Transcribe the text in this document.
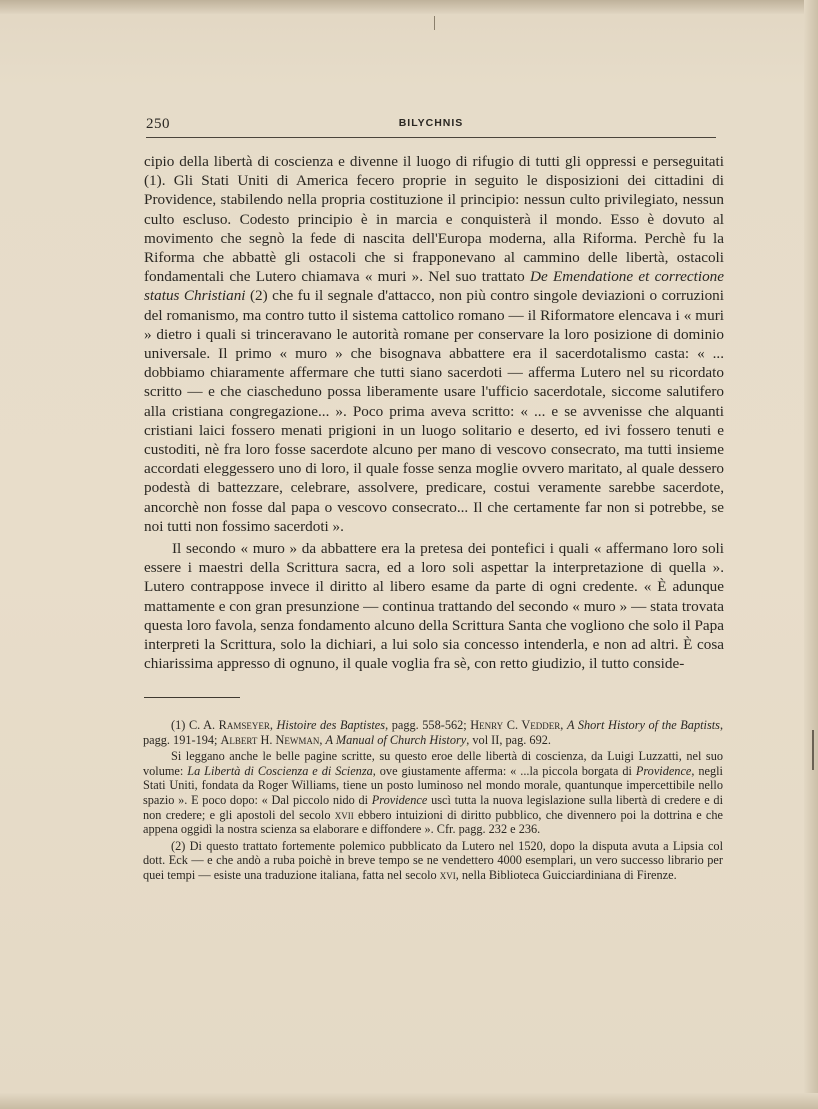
250	BILYCHNIS

cipio della libertà di coscienza e divenne il luogo di rifugio di tutti gli oppressi e perseguitati (1). Gli Stati Uniti di America fecero proprie in seguito le disposizioni dei cittadini di Providence, stabilendo nella propria costituzione il principio: nessun culto privilegiato, nessun culto escluso. Codesto principio è in marcia e conquisterà il mondo. Esso è dovuto al movimento che segnò la fede di nascita dell'Europa moderna, alla Riforma. Perchè fu la Riforma che abbattè gli ostacoli che si frapponevano al cammino delle libertà, ostacoli fondamentali che Lutero chiamava « muri ». Nel suo trattato De Emendatione et correctione status Christiani (2) che fu il segnale d'attacco, non più contro singole deviazioni o corruzioni del romanismo, ma contro tutto il sistema cattolico romano — il Riformatore elencava i « muri » dietro i quali si trinceravano le autorità romane per conservare la loro posizione di dominio universale. Il primo « muro » che bisognava abbattere era il sacerdotalismo casta: « ... dobbiamo chiaramente affermare che tutti siano sacerdoti — afferma Lutero nel su ricordato scritto — e che ciascheduno possa liberamente usare l'ufficio sacerdotale, siccome salutifero alla cristiana congregazione... ». Poco prima aveva scritto: « ... e se avvenisse che alquanti cristiani laici fossero menati prigioni in un luogo solitario e deserto, ed ivi fossero tenuti e custoditi, nè fra loro fosse sacerdote alcuno per mano di vescovo consecrato, ma tutti insieme accordati eleggessero uno di loro, il quale fosse senza moglie ovvero maritato, al quale dessero podestà di battezzare, celebrare, assolvere, predicare, costui veramente sarebbe sacerdote, ancorchè non fosse dal papa o vescovo consecrato... Il che certamente far non si potrebbe, se noi tutti non fossimo sacerdoti ».

Il secondo « muro » da abbattere era la pretesa dei pontefici i quali « affermano loro soli essere i maestri della Scrittura sacra, ed a loro soli aspettar la interpretazione di quella ». Lutero contrappose invece il diritto al libero esame da parte di ogni credente. « È adunque mattamente e con gran presunzione — continua trattando del secondo « muro » — stata trovata questa loro favola, senza fondamento alcuno della Scrittura Santa che vogliono che solo il Papa interpreti la Scrittura, solo la dichiari, a lui solo sia concesso intenderla, e non ad altri. È cosa chiarissima appresso di ognuno, il quale voglia fra sè, con retto giudizio, il tutto conside-

(1) C. A. Ramseyer, Histoire des Baptistes, pagg. 558-562; Henry C. Vedder, A Short History of the Baptists, pagg. 191-194; Albert H. Newman, A Manual of Church History, vol II, pag. 692.

Si leggano anche le belle pagine scritte, su questo eroe delle libertà di coscienza, da Luigi Luzzatti, nel suo volume: La Libertà di Coscienza e di Scienza, ove giustamente afferma: « ...la piccola borgata di Providence, negli Stati Uniti, fondata da Roger Williams, tiene un posto luminoso nel mondo morale, quantunque impercettibile nello spazio ». E poco dopo: « Dal piccolo nido di Providence uscì tutta la nuova legislazione sulla libertà di credere e di non credere; e gli apostoli del secolo xvii ebbero intuizioni di diritto pubblico, che divennero poi la dottrina e che appena oggidì la nostra scienza sa elaborare e diffondere ». Cfr. pagg. 232 e 236.

(2) Di questo trattato fortemente polemico pubblicato da Lutero nel 1520, dopo la disputa avuta a Lipsia col dott. Eck — e che andò a ruba poichè in breve tempo se ne vendettero 4000 esemplari, un vero successo librario per quei tempi — esiste una traduzione italiana, fatta nel secolo xvi, nella Biblioteca Guicciardiniana di Firenze.
